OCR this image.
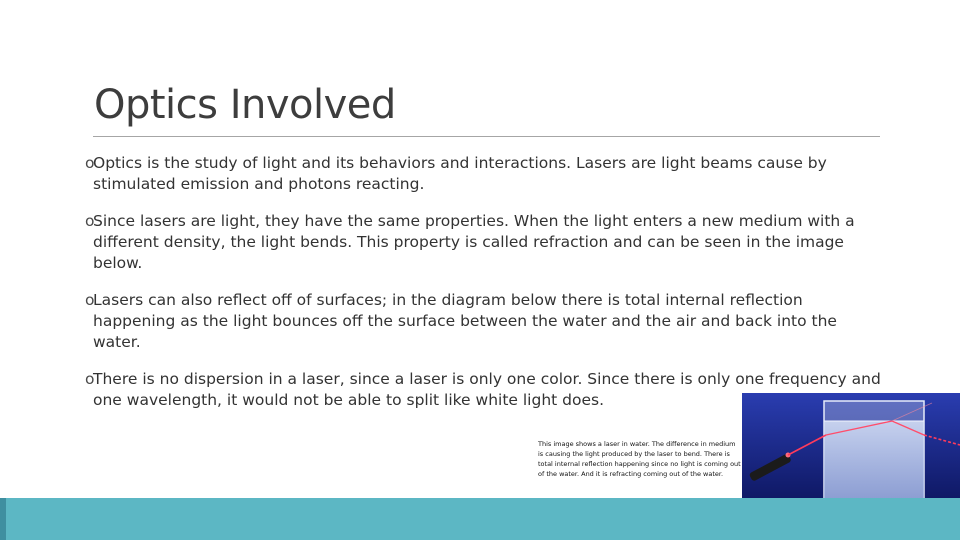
Optics Involved
o
Optics is the study of light and its behaviors and interactions. Lasers are light beams cause by stimulated emission and photons reacting.
o
Since lasers are light, they have the same properties. When the light enters a new medium with a different density, the light bends. This property is called refraction and can be seen in the image below.
o
Lasers can also reflect off of surfaces; in the diagram below there is total internal reflection happening as the light bounces off the surface between the water and the air and back into the water.
o
There is no dispersion in a laser, since a laser is only one color. Since there is only one frequency and one wavelength, it would not be able to split like white light does.
This image shows a laser in water. The difference in medium is causing the light produced by the laser to bend. There is total internal reflection happening since no light is coming out of the water. And it is refracting coming out of the water.
